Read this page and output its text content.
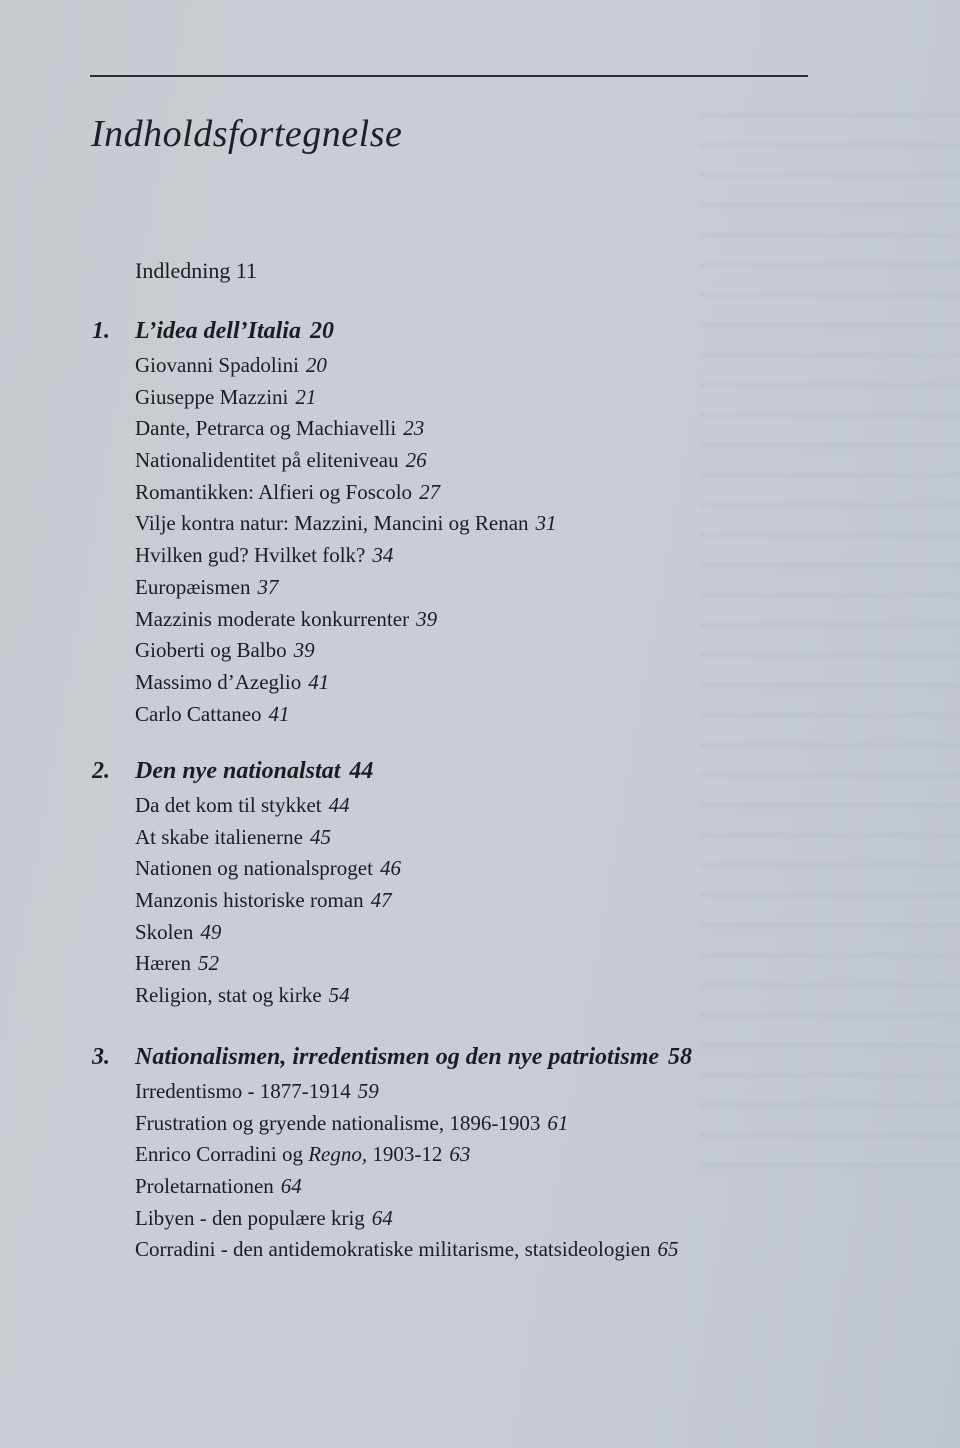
Indholdsfortegnelse
Indledning 11
1.	L’idea dell’Italia 20
Giovanni Spadolini 20
Giuseppe Mazzini 21
Dante, Petrarca og Machiavelli 23
Nationalidentitet på eliteniveau 26
Romantikken: Alfieri og Foscolo 27
Vilje kontra natur: Mazzini, Mancini og Renan 31
Hvilken gud? Hvilket folk? 34
Europæismen 37
Mazzinis moderate konkurrenter 39
Gioberti og Balbo 39
Massimo d’Azeglio 41
Carlo Cattaneo 41
2.	Den nye nationalstat 44
Da det kom til stykket 44
At skabe italienerne 45
Nationen og nationalsproget 46
Manzonis historiske roman 47
Skolen 49
Hæren 52
Religion, stat og kirke 54
3.	Nationalismen, irredentismen og den nye patriotisme 58
Irredentismo - 1877-1914 59
Frustration og gryende nationalisme, 1896-1903 61
Enrico Corradini og Regno, 1903-12 63
Proletarnationen 64
Libyen - den populære krig 64
Corradini - den antidemokratiske militarisme, statsideologien 65
